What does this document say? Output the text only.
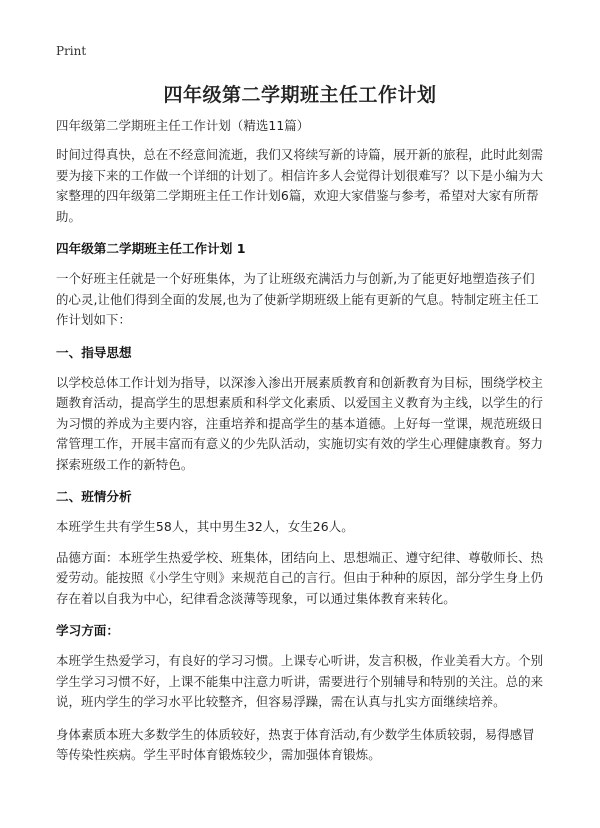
Print
四年级第二学期班主任工作计划

四年级第二学期班主任工作计划（精选11篇）

时间过得真快，总在不经意间流逝，我们又将续写新的诗篇，展开新的旅程，此时此刻需要为接下来的工作做一个详细的计划了。相信许多人会觉得计划很难写？以下是小编为大家整理的四年级第二学期班主任工作计划6篇，欢迎大家借鉴与参考，希望对大家有所帮助。

四年级第二学期班主任工作计划 1

一个好班主任就是一个好班集体，为了让班级充满活力与创新,为了能更好地塑造孩子们的心灵,让他们得到全面的发展,也为了使新学期班级上能有更新的气息。特制定班主任工作计划如下：

一、指导思想

以学校总体工作计划为指导，以深渗入渗出开展素质教育和创新教育为目标，围绕学校主题教育活动，提高学生的思想素质和科学文化素质、以爱国主义教育为主线，以学生的行为习惯的养成为主要内容，注重培养和提高学生的基本道德。上好每一堂课，规范班级日常管理工作，开展丰富而有意义的少先队活动，实施切实有效的学生心理健康教育。努力探索班级工作的新特色。

二、班情分析

本班学生共有学生58人，其中男生32人，女生26人。

品德方面：本班学生热爱学校、班集体，团结向上、思想端正、遵守纪律、尊敬师长、热爱劳动。能按照《小学生守则》来规范自己的言行。但由于种种的原因，部分学生身上仍存在着以自我为中心，纪律看念淡薄等现象，可以通过集体教育来转化。

学习方面：

本班学生热爱学习，有良好的学习习惯。上课专心听讲，发言积极，作业美看大方。个别学生学习习惯不好，上课不能集中注意力听讲，需要进行个别辅导和特别的关注。总的来说，班内学生的学习水平比较整齐，但容易浮躁，需在认真与扎实方面继续培养。

身体素质本班大多数学生的体质较好，热衷于体育活动,有少数学生体质较弱，易得感冒等传染性疾病。学生平时体育锻炼较少，需加强体育锻炼。
